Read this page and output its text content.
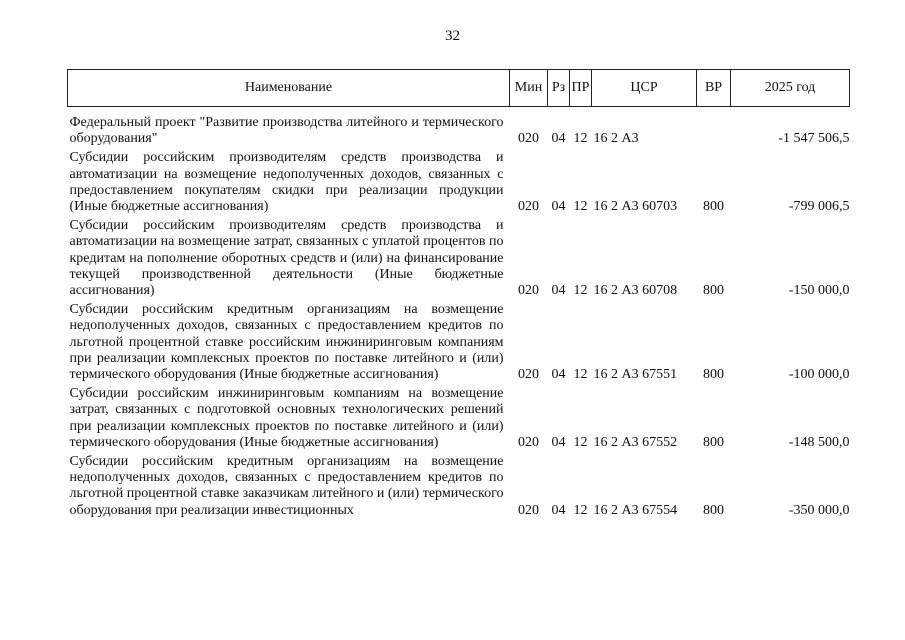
32
Наименование	Мин	Рз	ПР	ЦСР	ВР	2025 год
Федеральный проект "Развитие производства литейного и термического оборудования"	020	04	12	16 2 А3		-1 547 506,5
Субсидии российским производителям средств производства и автоматизации на возмещение недополученных доходов, связанных с предоставлением покупателям скидки при реализации продукции (Иные бюджетные ассигнования)	020	04	12	16 2 А3 60703	800	-799 006,5
Субсидии российским производителям средств производства и автоматизации на возмещение затрат, связанных с уплатой процентов по кредитам на пополнение оборотных средств и (или) на финансирование текущей производственной деятельности (Иные бюджетные ассигнования)	020	04	12	16 2 А3 60708	800	-150 000,0
Субсидии российским кредитным организациям на возмещение недополученных доходов, связанных с предоставлением кредитов по льготной процентной ставке российским инжиниринговым компаниям при реализации комплексных проектов по поставке литейного и (или) термического оборудования (Иные бюджетные ассигнования)	020	04	12	16 2 А3 67551	800	-100 000,0
Субсидии российским инжиниринговым компаниям на возмещение затрат, связанных с подготовкой основных технологических решений при реализации комплексных проектов по поставке литейного и (или) термического оборудования (Иные бюджетные ассигнования)	020	04	12	16 2 А3 67552	800	-148 500,0
Субсидии российским кредитным организациям на возмещение недополученных доходов, связанных с предоставлением кредитов по льготной процентной ставке заказчикам литейного и (или) термического оборудования при реализации инвестиционных	020	04	12	16 2 А3 67554	800	-350 000,0
